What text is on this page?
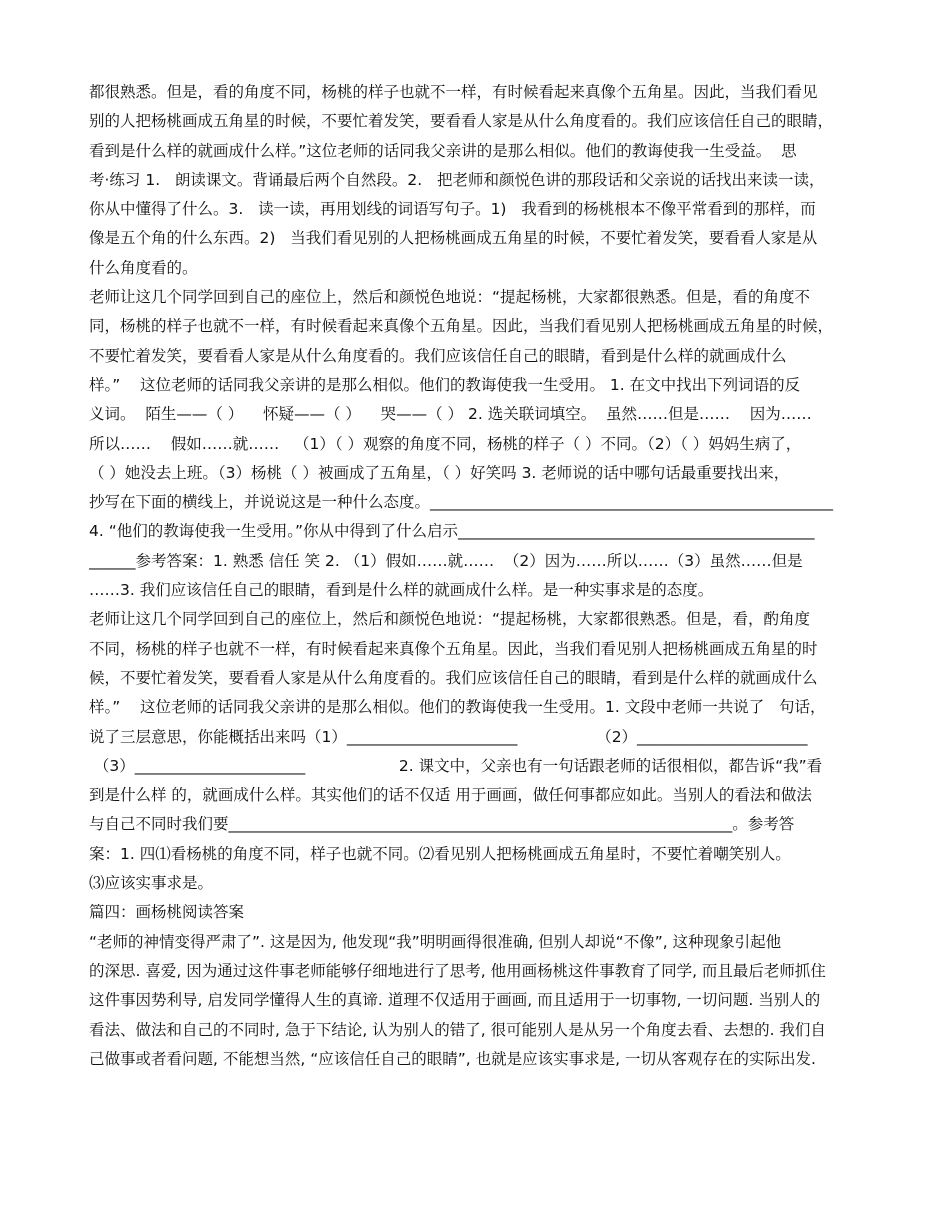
都很熟悉。但是，看的角度不同，杨桃的样子也就不一样，有时候看起来真像个五角星。因此，当我们看见
别的人把杨桃画成五角星的时候，不要忙着发笑，要看看人家是从什么角度看的。我们应该信任自己的眼睛，
看到是什么样的就画成什么样。”这位老师的话同我父亲讲的是那么相似。他们的教诲使我一生受益。  思
考·练习 1.   朗读课文。背诵最后两个自然段。2.   把老师和颜悦色讲的那段话和父亲说的话找出来读一读，
你从中懂得了什么。3.   读一读，再用划线的词语写句子。1)   我看到的杨桃根本不像平常看到的那样，而
像是五个角的什么东西。2)   当我们看见别的人把杨桃画成五角星的时候，不要忙着发笑，要看看人家是从
什么角度看的。
老师让这几个同学回到自己的座位上，然后和颜悦色地说：“提起杨桃，大家都很熟悉。但是，看的角度不
同，杨桃的样子也就不一样，有时候看起来真像个五角星。因此，当我们看见别人把杨桃画成五角星的时候，
不要忙着发笑，要看看人家是从什么角度看的。我们应该信任自己的眼睛，看到是什么样的就画成什么
样。”    这位老师的话同我父亲讲的是那么相似。他们的教诲使我一生受用。 1. 在文中找出下列词语的反
义词。  陌生——（ ）    怀疑——（ ）    哭——（ ） 2. 选关联词填空。  虽然……但是……    因为……
所以……    假如……就……   （1）（ ）观察的角度不同，杨桃的样子（ ）不同。（2）（ ）妈妈生病了，
（ ）她没去上班。（3）杨桃（ ）被画成了五角星，（ ）好笑吗 3. 老师说的话中哪句话最重要找出来，
抄写在下面的横线上，并说说这是一种什么态度。____________________________________________________
4. “他们的教诲使我一生受用。”你从中得到了什么启示______________________________________________
______参考答案：1. 熟悉 信任 笑 2. （1）假如……就……  （2）因为……所以……（3）虽然……但是
……3. 我们应该信任自己的眼睛，看到是什么样的就画成什么样。是一种实事求是的态度。
老师让这几个同学回到自己的座位上，然后和颜悦色地说：“提起杨桃，大家都很熟悉。但是，看，酌角度
不同，杨桃的样子也就不一样，有时候看起来真像个五角星。因此，当我们看见别人把杨桃画成五角星的时
候，不要忙着发笑，要看看人家是从什么角度看的。我们应该信任自己的眼睛，看到是什么样的就画成什么
样。”    这位老师的话同我父亲讲的是那么相似。他们的教诲使我一生受用。1. 文段中老师一共说了   句话，
说了三层意思，你能概括出来吗（1）______________________                （2）______________________
（3）______________________                   2. 课文中，父亲也有一句话跟老师的话很相似，都告诉“我”看
到是什么样 的，就画成什么样。其实他们的话不仅适 用于画画，做任何事都应如此。当别人的看法和做法
与自己不同时我们要_________________________________________________________________。参考答
案：1. 四⑴看杨桃的角度不同，样子也就不同。⑵看见别人把杨桃画成五角星时，不要忙着嘲笑别人。
⑶应该实事求是。
篇四：画杨桃阅读答案
“老师的神情变得严肃了”. 这是因为, 他发现“我”明明画得很准确, 但别人却说“不像”, 这种现象引起他
的深思. 喜爱, 因为通过这件事老师能够仔细地进行了思考, 他用画杨桃这件事教育了同学, 而且最后老师抓住
这件事因势利导, 启发同学懂得人生的真谛. 道理不仅适用于画画, 而且适用于一切事物, 一切问题. 当别人的
看法、做法和自己的不同时, 急于下结论, 认为别人的错了, 很可能别人是从另一个角度去看、去想的. 我们自
己做事或者看问题, 不能想当然, “应该信任自己的眼睛”, 也就是应该实事求是, 一切从客观存在的实际出发.
